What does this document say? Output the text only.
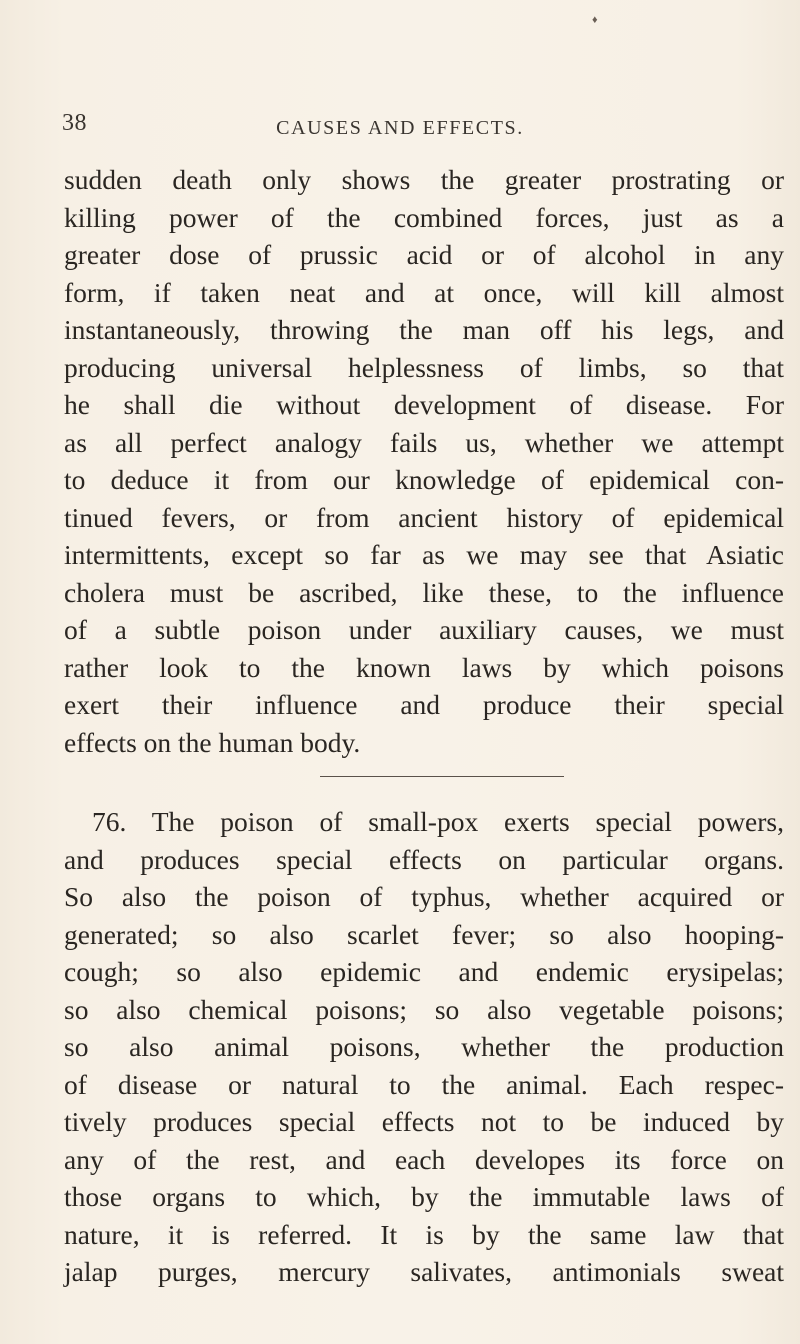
♦
38	CAUSES AND EFFECTS.
sudden death only shows the greater prostrating or
killing power of the combined forces, just as a
greater dose of prussic acid or of alcohol in any
form, if taken neat and at once, will kill almost
instantaneously, throwing the man off his legs, and
producing universal helplessness of limbs, so that
he shall die without development of disease. For
as all perfect analogy fails us, whether we attempt
to deduce it from our knowledge of epidemical con-
tinued fevers, or from ancient history of epidemical
intermittents, except so far as we may see that Asiatic
cholera must be ascribed, like these, to the influence
of a subtle poison under auxiliary causes, we must
rather look to the known laws by which poisons
exert their influence and produce their special
effects on the human body.
76. The poison of small-pox exerts special powers,
and produces special effects on particular organs.
So also the poison of typhus, whether acquired or
generated; so also scarlet fever; so also hooping-
cough; so also epidemic and endemic erysipelas;
so also chemical poisons; so also vegetable poisons;
so also animal poisons, whether the production
of disease or natural to the animal. Each respec-
tively produces special effects not to be induced by
any of the rest, and each developes its force on
those organs to which, by the immutable laws of
nature, it is referred. It is by the same law that
jalap purges, mercury salivates, antimonials sweat
